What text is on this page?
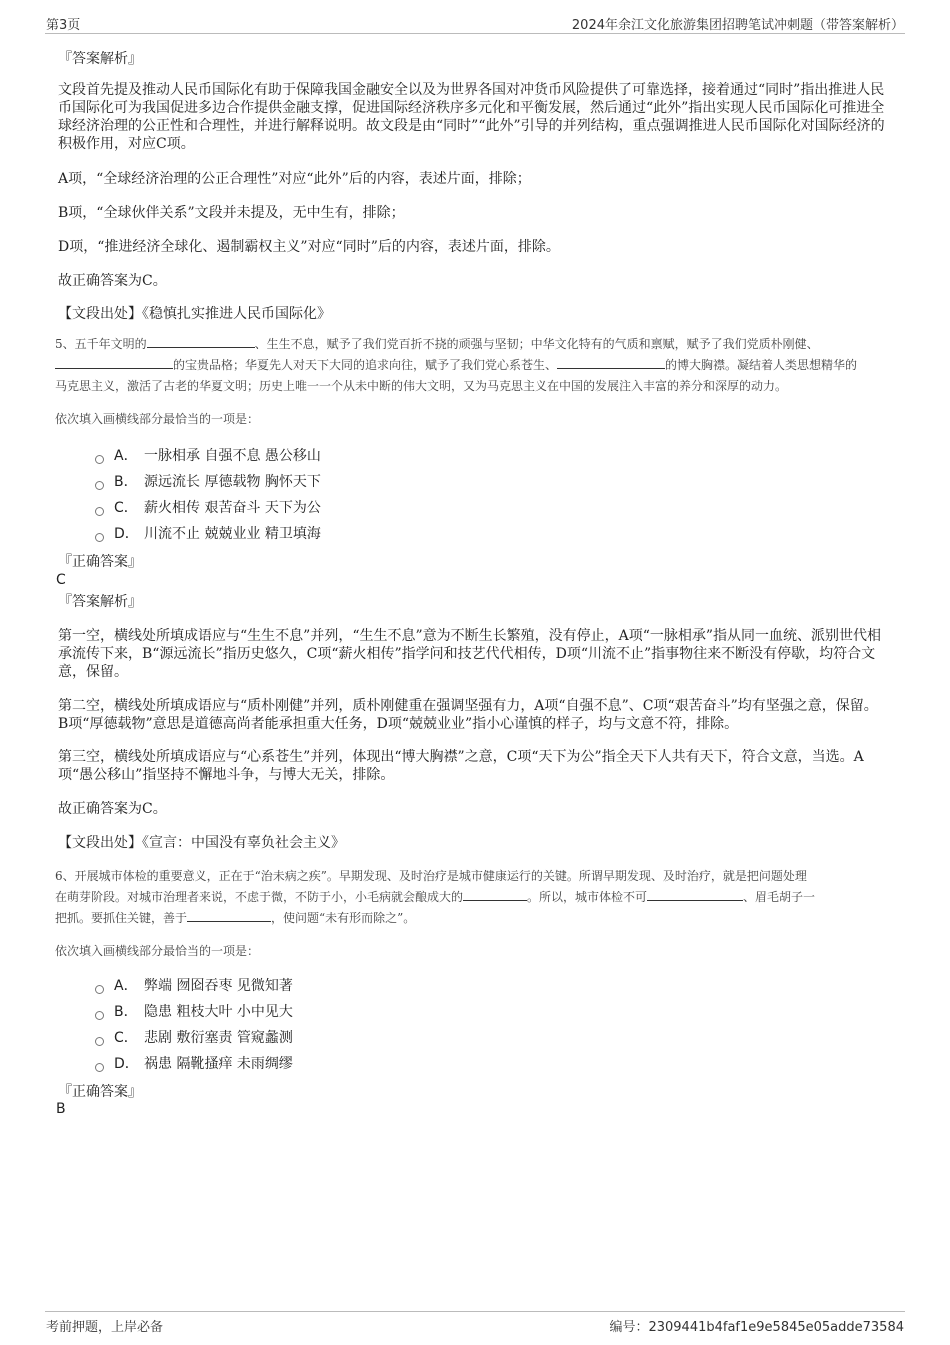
第3页	2024年余江文化旅游集团招聘笔试冲刺题（带答案解析）
『答案解析』
文段首先提及推动人民币国际化有助于保障我国金融安全以及为世界各国对冲货币风险提供了可靠选择，接着通过“同时”指出推进人民币国际化可为我国促进多边合作提供金融支撑，促进国际经济秩序多元化和平衡发展，然后通过“此外”指出实现人民币国际化可推进全球经济治理的公正性和合理性，并进行解释说明。故文段是由“同时”“此外”引导的并列结构，重点强调推进人民币国际化对国际经济的积极作用，对应C项。
A项，“全球经济治理的公正合理性”对应“此外”后的内容，表述片面，排除；
B项，“全球伙伴关系”文段并未提及，无中生有，排除；
D项，“推进经济全球化、遏制霸权主义”对应“同时”后的内容，表述片面，排除。
故正确答案为C。
【文段出处】《稳慎扎实推进人民币国际化》
5、五千年文明的	、生生不息，赋予了我们党百折不挠的顽强与坚韧；中华文化特有的气质和禀赋，赋予了我们党质朴刚健、
的宝贵品格；华夏先人对天下大同的追求向往，赋予了我们党心系苍生、	的博大胸襟。凝结着人类思想精华的
马克思主义，激活了古老的华夏文明；历史上唯一一个从未中断的伟大文明，又为马克思主义在中国的发展注入丰富的养分和深厚的动力。
依次填入画横线部分最恰当的一项是：
A． 一脉相承 自强不息 愚公移山
B． 源远流长 厚德载物 胸怀天下
C． 薪火相传 艰苦奋斗 天下为公
D． 川流不止 兢兢业业 精卫填海
『正确答案』
C
『答案解析』
第一空，横线处所填成语应与“生生不息”并列，“生生不息”意为不断生长繁殖，没有停止，A项“一脉相承”指从同一血统、派别世代相承流传下来，B“源远流长”指历史悠久，C项“薪火相传”指学问和技艺代代相传，D项“川流不止”指事物往来不断没有停歇，均符合文意，保留。
第二空，横线处所填成语应与“质朴刚健”并列，质朴刚健重在强调坚强有力，A项“自强不息”、C项“艰苦奋斗”均有坚强之意，保留。B项“厚德载物”意思是道德高尚者能承担重大任务，D项“兢兢业业”指小心谨慎的样子，均与文意不符，排除。
第三空，横线处所填成语应与“心系苍生”并列，体现出“博大胸襟”之意，C项“天下为公”指全天下人共有天下，符合文意，当选。A项“愚公移山”指坚持不懈地斗争，与博大无关，排除。
故正确答案为C。
【文段出处】《宣言：中国没有辜负社会主义》
6、开展城市体检的重要意义，正在于“治未病之疾”。早期发现、及时治疗是城市健康运行的关键。所谓早期发现、及时治疗，就是把问题处理
在萌芽阶段。对城市治理者来说，不虑于微，不防于小，小毛病就会酿成大的	。所以，城市体检不可	、眉毛胡子一
把抓。要抓住关键，善于	，使问题“未有形而除之”。
依次填入画横线部分最恰当的一项是：
A． 弊端 囫囵吞枣 见微知著
B． 隐患 粗枝大叶 小中见大
C． 悲剧 敷衍塞责 管窥蠡测
D． 祸患 隔靴搔痒 未雨绸缪
『正确答案』
B
考前押题，上岸必备	编号：2309441b4faf1e9e5845e05adde73584
